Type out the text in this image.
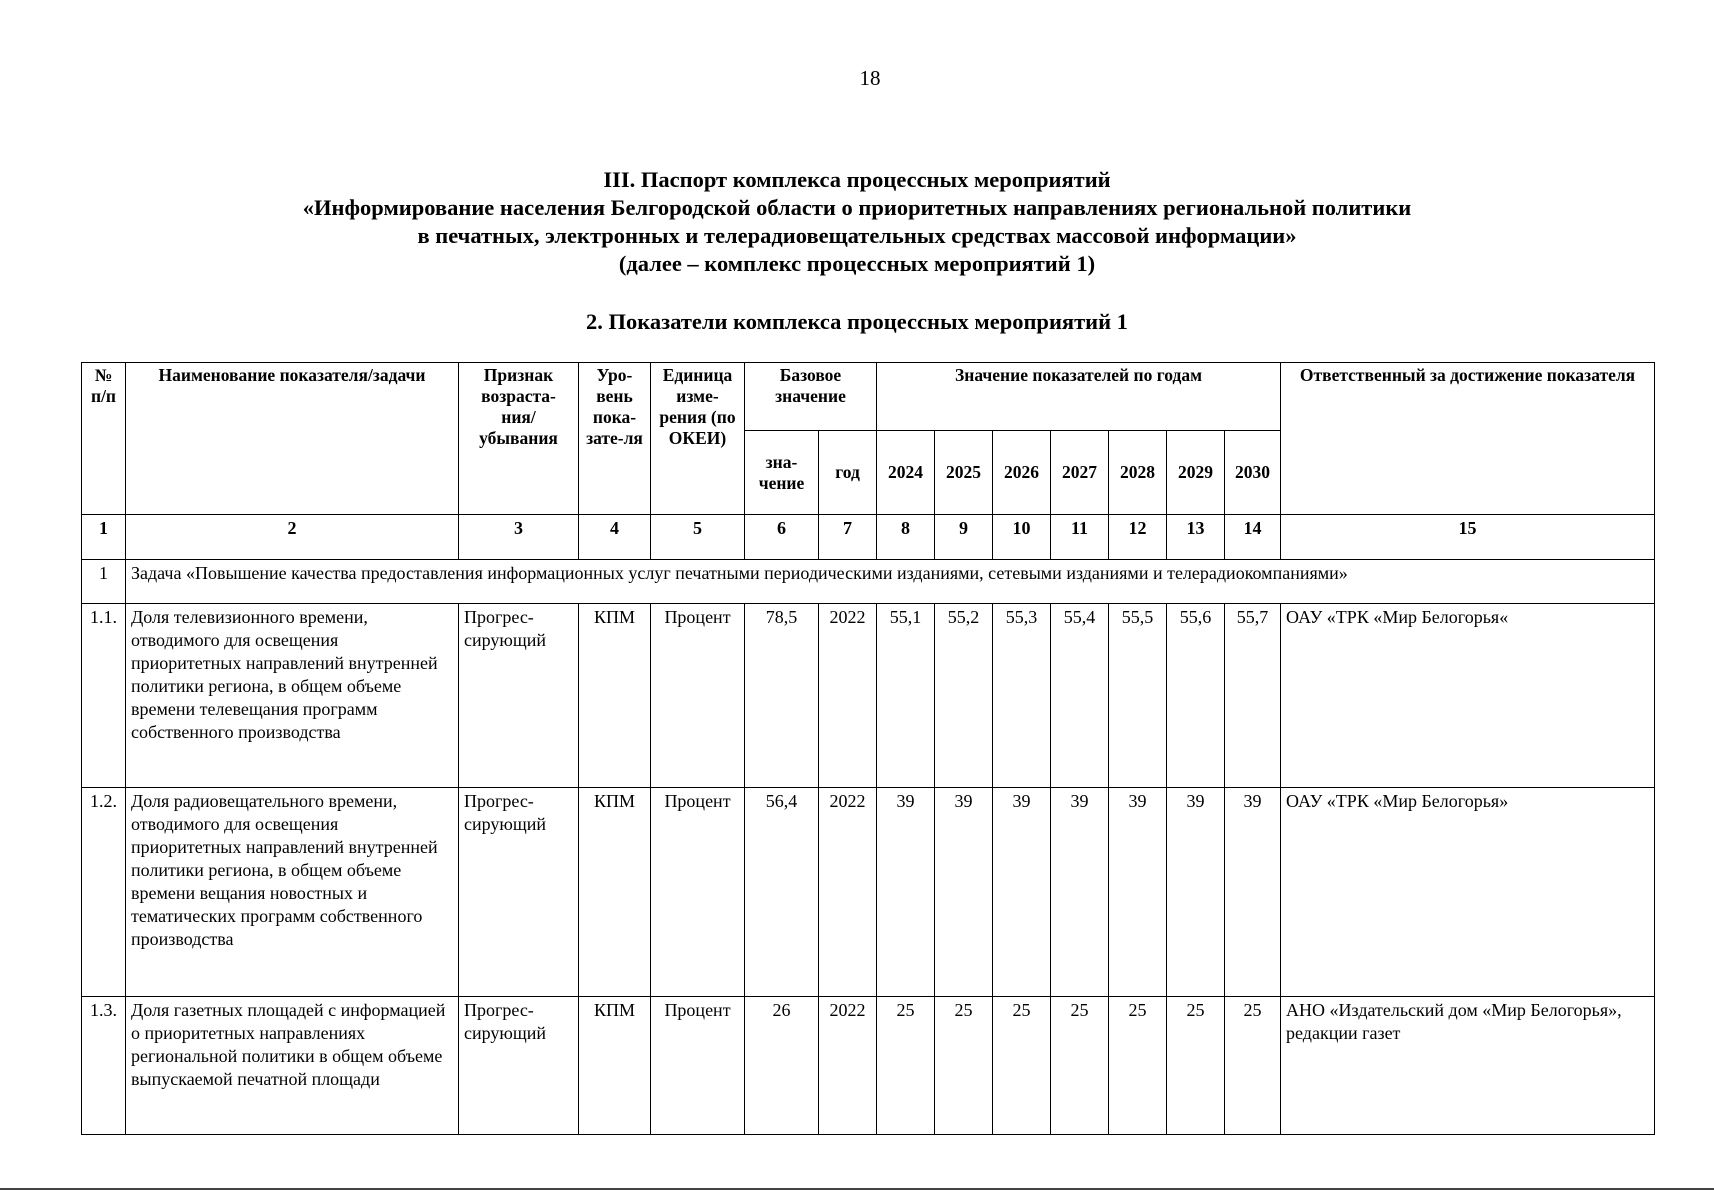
18
III. Паспорт комплекса процессных мероприятий
«Информирование населения Белгородской области о приоритетных направлениях региональной политики
в печатных, электронных и телерадиовещательных средствах массовой информации»
(далее – комплекс процессных мероприятий 1)
2. Показатели комплекса процессных мероприятий 1
№ п/п	Наименование показателя/задачи	Признак возраста-ния/ убывания	Уро-вень пока-зате-ля	Единица изме-рения (по ОКЕИ)	Базовое значение		Значение показателей по годам							Ответственный за достижение показателя
					зна-чение	год	2024	2025	2026	2027	2028	2029	2030	
1	2	3	4	5	6	7	8	9	10	11	12	13	14	15
1	Задача «Повышение качества предоставления информационных услуг печатными периодическими изданиями, сетевыми изданиями и телерадиокомпаниями»													
1.1.	Доля телевизионного времени, отводимого для освещения приоритетных направлений внутренней политики региона, в общем объеме времени телевещания программ собственного производства	Прогрес-сирующий	КПМ	Процент	78,5	2022	55,1	55,2	55,3	55,4	55,5	55,6	55,7	ОАУ «ТРК «Мир Белогорья«
1.2.	Доля радиовещательного времени, отводимого для освещения приоритетных направлений внутренней политики региона, в общем объеме времени вещания новостных и тематических программ собственного производства	Прогрес-сирующий	КПМ	Процент	56,4	2022	39	39	39	39	39	39	39	ОАУ «ТРК «Мир Белогорья»
1.3.	Доля газетных площадей с информацией о приоритетных направлениях региональной политики в общем объеме выпускаемой печатной площади	Прогрес-сирующий	КПМ	Процент	26	2022	25	25	25	25	25	25	25	АНО «Издательский дом «Мир Белогорья», редакции газет
